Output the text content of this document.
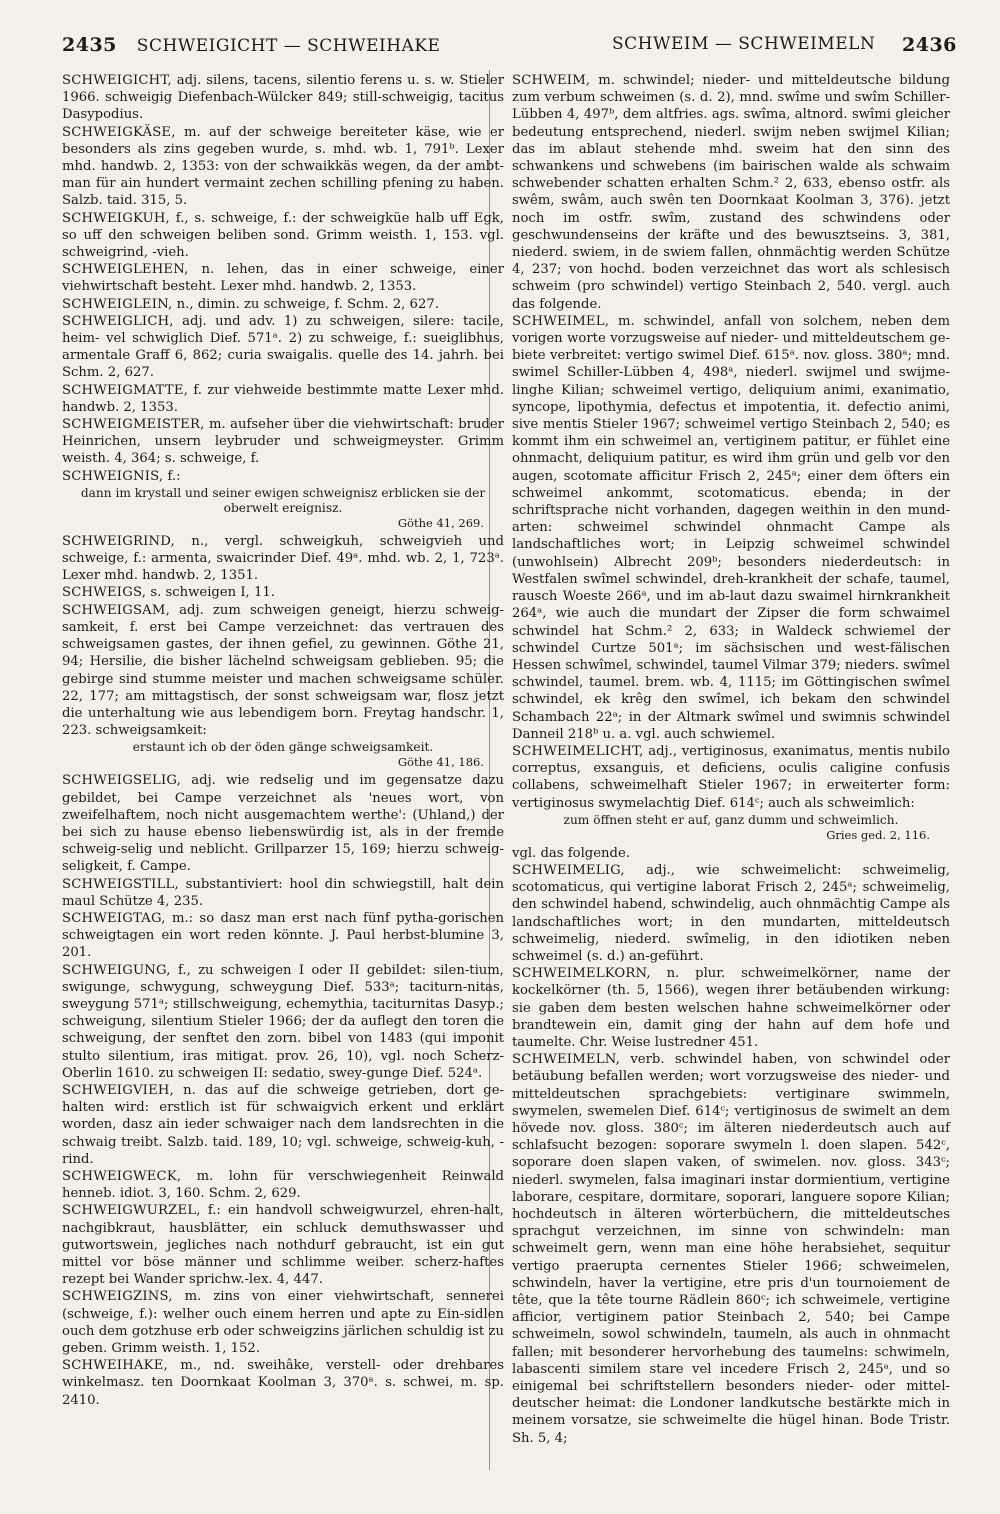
2435 SCHWEIGICHT — SCHWEIHAKE	SCHWEIM — SCHWEIMELN 2436
SCHWEIGICHT, adj. silens, tacens, silentio ferens u. s. w. Stieler 1966. schweigig Diefenbach-Wülcker 849; still-schweigig, tacitus Dasypodius.
SCHWEIGKÄSE, m. auf der schweige bereiteter käse, wie er besonders als zins gegeben wurde, s. mhd. wb. 1, 791ᵇ. Lexer mhd. handwb. 2, 1353: von der schwaikkäs wegen, da der ambt-man für ain hundert vermaint zechen schilling pfening zu haben. Salzb. taid. 315, 5.
SCHWEIGKUH, f., s. schweige, f.: der schweigküe halb uff Egk, so uff den schweigen beliben sond. Grimm weisth. 1, 153. vgl. schweigrind, -vieh.
SCHWEIGLEHEN, n. lehen, das in einer schweige, einer viehwirtschaft besteht. Lexer mhd. handwb. 2, 1353.
SCHWEIGLEIN, n., dimin. zu schweige, f. Schm. 2, 627.
SCHWEIGLICH, adj. und adv. 1) zu schweigen, silere: tacile, heim- vel schwiglich Dief. 571ᵃ. 2) zu schweige, f.: sueiglibhus, armentale Graff 6, 862; curia swaigalis. quelle des 14. jahrh. bei Schm. 2, 627.
SCHWEIGMATTE, f. zur viehweide bestimmte matte Lexer mhd. handwb. 2, 1353.
SCHWEIGMEISTER, m. aufseher über die viehwirtschaft: bruder Heinrichen, unsern leybruder und schweigmeyster. Grimm weisth. 4, 364; s. schweige, f.
SCHWEIGNIS, f.:
dann im krystall und seiner ewigen schweignisz erblicken sie der oberwelt ereignisz.
Göthe 41, 269.
SCHWEIGRIND, n., vergl. schweigkuh, schweigvieh und schweige, f.: armenta, swaicrinder Dief. 49ᵃ. mhd. wb. 2, 1, 723ᵃ. Lexer mhd. handwb. 2, 1351.
SCHWEIGS, s. schweigen I, 11.
SCHWEIGSAM, adj. zum schweigen geneigt, hierzu schweig-samkeit, f. erst bei Campe verzeichnet: das vertrauen des schweigsamen gastes, der ihnen gefiel, zu gewinnen. Göthe 21, 94; Hersilie, die bisher lächelnd schweigsam geblieben. 95; die gebirge sind stumme meister und machen schweigsame schüler. 22, 177; am mittagstisch, der sonst schweigsam war, flosz jetzt die unterhaltung wie aus lebendigem born. Freytag handschr. 1, 223. schweigsamkeit:
erstaunt ich ob der öden gänge schweigsamkeit.
Göthe 41, 186.
SCHWEIGSELIG, adj. wie redselig und im gegensatze dazu gebildet, bei Campe verzeichnet als 'neues wort, von zweifelhaftem, noch nicht ausgemachtem werthe': (Uhland,) der bei sich zu hause ebenso liebenswürdig ist, als in der fremde schweig-selig und neblicht. Grillparzer 15, 169; hierzu schweig-seligkeit, f. Campe.
SCHWEIGSTILL, substantiviert: hool din schwiegstill, halt dein maul Schütze 4, 235.
SCHWEIGTAG, m.: so dasz man erst nach fünf pytha-gorischen schweigtagen ein wort reden könnte. J. Paul herbst-blumine 3, 201.
SCHWEIGUNG, f., zu schweigen I oder II gebildet: silen-tium, swigunge, schwygung, schweygung Dief. 533ᵃ; taciturn-nitas, sweygung 571ᵃ; stillschweigung, echemythia, taciturnitas Dasyp.; schweigung, silentium Stieler 1966; der da auflegt den toren die schweigung, der senftet den zorn. bibel von 1483 (qui imponit stulto silentium, iras mitigat. prov. 26, 10), vgl. noch Scherz-Oberlin 1610. zu schweigen II: sedatio, swey-gunge Dief. 524ᵃ.
SCHWEIGVIEH, n. das auf die schweige getrieben, dort ge-halten wird: erstlich ist für schwaigvich erkent und erklärt worden, dasz ain ieder schwaiger nach dem landsrechten in die schwaig treibt. Salzb. taid. 189, 10; vgl. schweige, schweig-kuh, -rind.
SCHWEIGWECK, m. lohn für verschwiegenheit Reinwald henneb. idiot. 3, 160. Schm. 2, 629.
SCHWEIGWURZEL, f.: ein handvoll schweigwurzel, ehren-halt, nachgibkraut, hausblätter, ein schluck demuthswasser und gutwortswein, jegliches nach nothdurf gebraucht, ist ein gut mittel vor böse männer und schlimme weiber. scherz-haftes rezept bei Wander sprichw.-lex. 4, 447.
SCHWEIGZINS, m. zins von einer viehwirtschaft, sennerei (schweige, f.): welher ouch einem herren und apte zu Ein-sidlen ouch dem gotzhuse erb oder schweigzins järlichen schuldig ist zu geben. Grimm weisth. 1, 152.
SCHWEIHAKE, m., nd. sweihâke, verstell- oder drehbares winkelmasz. ten Doornkaat Koolman 3, 370ᵃ. s. schwei, m. sp. 2410.
SCHWEIM, m. schwindel; nieder- und mitteldeutsche bildung zum verbum schweimen (s. d. 2), mnd. swîme und swîm Schiller-Lübben 4, 497ᵇ, dem altfries. ags. swîma, altnord. swîmi gleicher bedeutung entsprechend, niederl. swijm neben swijmel Kilian; das im ablaut stehende mhd. sweim hat den sinn des schwankens und schwebens (im bairischen walde als schwaim schwebender schatten erhalten Schm.² 2, 633, ebenso ostfr. als swêm, swâm, auch swên ten Doornkaat Koolman 3, 376). jetzt noch im ostfr. swîm, zustand des schwindens oder geschwundenseins der kräfte und des bewusztseins. 3, 381, niederd. swiem, in de swiem fallen, ohnmächtig werden Schütze 4, 237; von hochd. boden verzeichnet das wort als schlesisch schweim (pro schwindel) vertigo Steinbach 2, 540. vergl. auch das folgende.
SCHWEIMEL, m. schwindel, anfall von solchem, neben dem vorigen worte vorzugsweise auf nieder- und mitteldeutschem ge-biete verbreitet: vertigo swimel Dief. 615ᵃ. nov. gloss. 380ᵃ; mnd. swimel Schiller-Lübben 4, 498ᵃ, niederl. swijmel und swijme-linghe Kilian; schweimel vertigo, deliquium animi, exanimatio, syncope, lipothymia, defectus et impotentia, it. defectio animi, sive mentis Stieler 1967; schweimel vertigo Steinbach 2, 540; es kommt ihm ein schweimel an, vertiginem patitur, er fühlet eine ohnmacht, deliquium patitur, es wird ihm grün und gelb vor den augen, scotomate afficitur Frisch 2, 245ᵃ; einer dem öfters ein schweimel ankommt, scotomaticus. ebenda; in der schriftsprache nicht vorhanden, dagegen weithin in den mund-arten: schweimel schwindel ohnmacht Campe als landschaftliches wort; in Leipzig schweimel schwindel (unwohlsein) Albrecht 209ᵇ; besonders niederdeutsch: in Westfalen swîmel schwindel, dreh-krankheit der schafe, taumel, rausch Woeste 266ᵃ, und im ab-laut dazu swaimel hirnkrankheit 264ᵃ, wie auch die mundart der Zipser die form schwaimel schwindel hat Schm.² 2, 633; in Waldeck schwiemel der schwindel Curtze 501ᵃ; im sächsischen und west-fälischen Hessen schwîmel, schwindel, taumel Vilmar 379; nieders. swîmel schwindel, taumel. brem. wb. 4, 1115; im Göttingischen swîmel schwindel, ek krêg den swîmel, ich bekam den schwindel Schambach 22ᵃ; in der Altmark swîmel und swimnis schwindel Danneil 218ᵇ u. a. vgl. auch schwiemel.
SCHWEIMELICHT, adj., vertiginosus, exanimatus, mentis nubilo correptus, exsanguis, et deficiens, oculis caligine confusis collabens, schweimelhaft Stieler 1967; in erweiterter form: vertiginosus swymelachtig Dief. 614ᶜ; auch als schweimlich:
zum öffnen steht er auf, ganz dumm und schweimlich.
Gries ged. 2, 116.
vgl. das folgende.
SCHWEIMELIG, adj., wie schweimelicht: schweimelig, scotomaticus, qui vertigine laborat Frisch 2, 245ᵃ; schweimelig, den schwindel habend, schwindelig, auch ohnmächtig Campe als landschaftliches wort; in den mundarten, mitteldeutsch schweimelig, niederd. swîmelig, in den idiotiken neben schweimel (s. d.) an-geführt.
SCHWEIMELKORN, n. plur. schweimelkörner, name der kockelkörner (th. 5, 1566), wegen ihrer betäubenden wirkung: sie gaben dem besten welschen hahne schweimelkörner oder brandtewein ein, damit ging der hahn auf dem hofe und taumelte. Chr. Weise lustredner 451.
SCHWEIMELN, verb. schwindel haben, von schwindel oder betäubung befallen werden; wort vorzugsweise des nieder- und mitteldeutschen sprachgebiets: vertiginare swimmeln, swymelen, swemelen Dief. 614ᶜ; vertiginosus de swimelt an dem hövede nov. gloss. 380ᶜ; im älteren niederdeutsch auch auf schlafsucht bezogen: soporare swymeln l. doen slapen. 542ᶜ, soporare doen slapen vaken, of swimelen. nov. gloss. 343ᶜ; niederl. swymelen, falsa imaginari instar dormientium, vertigine laborare, cespitare, dormitare, soporari, languere sopore Kilian; hochdeutsch in älteren wörterbüchern, die mitteldeutsches sprachgut verzeichnen, im sinne von schwindeln: man schweimelt gern, wenn man eine höhe herabsiehet, sequitur vertigo praerupta cernentes Stieler 1966; schweimelen, schwindeln, haver la vertigine, etre pris d'un tournoiement de tête, que la tête tourne Rädlein 860ᶜ; ich schweimele, vertigine afficior, vertiginem patior Steinbach 2, 540; bei Campe schweimeln, sowol schwindeln, taumeln, als auch in ohnmacht fallen; mit besonderer hervorhebung des taumelns: schwimeln, labascenti similem stare vel incedere Frisch 2, 245ᵃ, und so einigemal bei schriftstellern besonders nieder- oder mittel-deutscher heimat: die Londoner landkutsche bestärkte mich in meinem vorsatze, sie schweimelte die hügel hinan. Bode Tristr. Sh. 5, 4;
